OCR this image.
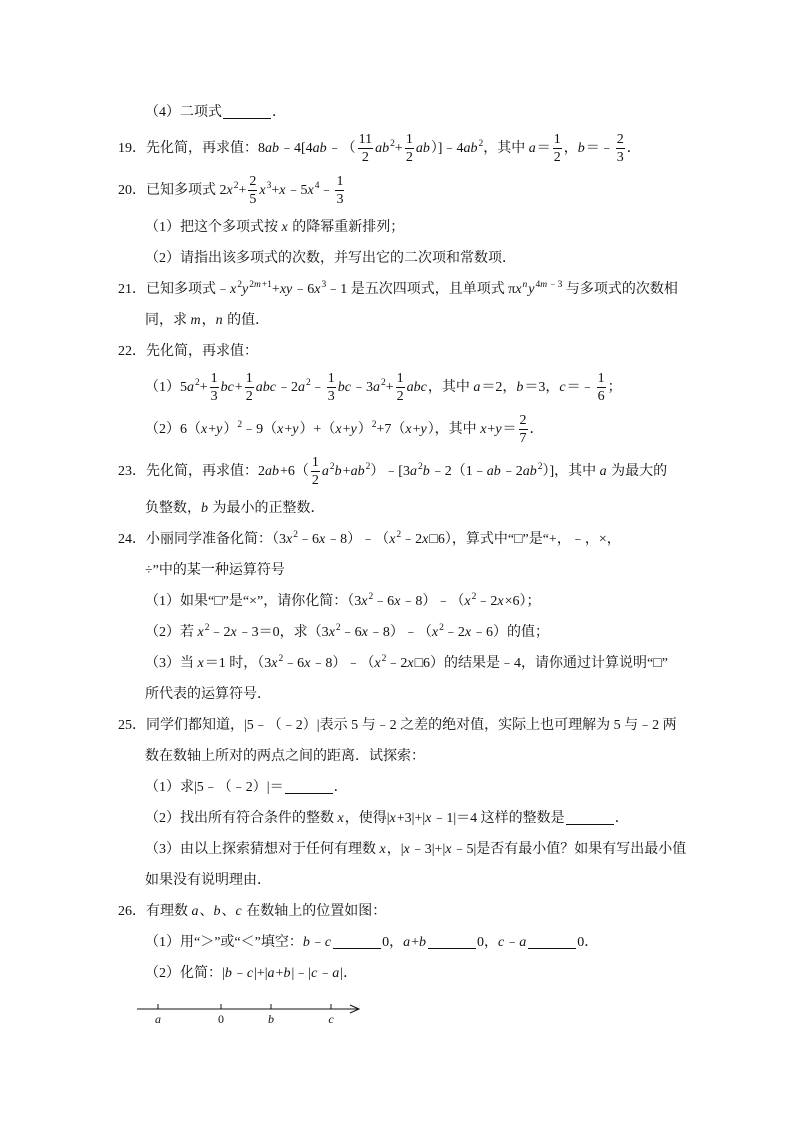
（4）二项式	．
19．先化简，再求值：8ab﹣4[4ab﹣（ $\frac{11}{2} ab^2+ \frac{1}{2}$ $ab)]﹣4ab^2$，其中 $a= \frac{1}{2}$ ，b＝﹣ $\frac{2}{3}$ ．
20．已知多项式 $2x^2+ \frac{2}{5}$ $x^3+x﹣5x^4﹣ \frac{1}{3}$
（1）把这个多项式按 x 的降幂重新排列；
（2）请指出该多项式的次数，并写出它的二次项和常数项．
21．已知多项式$﹣x^2y^{2m+1}+xy﹣6x^3﹣1$ 是五次四项式，且单项式 $\pi x^ny^{4m﹣3}$ 与多项式的次数相
同，求 m，n 的值．
22．先化简，再求值：
$(1)5a^2+ \frac{1}{3} bc+ \frac{1}{2}$ $abc﹣2a^2﹣ \frac{1}{3}$ $bc﹣3a^2+ \frac{1}{2}$ abc，其中 a＝2，b＝3，c＝﹣ $\frac{1}{6}$ ；
$(2)6(x+y)^2﹣9(x+y)+(x+y)^2+7(x+y)$，其中 $x+y= \frac{2}{7}$ ．
23．先化简，再求值：$2ab+6( \frac{1}{2}$ $a^2b+ab^2)﹣[3a^2b﹣2(1﹣ab﹣2ab^2)]$，其中 a 为最大的
负整数，b 为最小的正整数．
24．小丽同学准备化简：$(3x^2﹣6x﹣8)﹣(x^2﹣2x□6)$，算式中“□”是“+，﹣，×，
÷”中的某一种运算符号
（1）如果“□”是“×”，请你化简：$(3x^2﹣6x﹣8)﹣(x^2﹣2x\times 6)$；
（2）若 $x^2﹣2x﹣3=0$，求$(3x^2﹣6x﹣8)﹣(x^2﹣2x﹣6)$的值；
（3）当 x＝1 时，$(3x^2﹣6x﹣8)﹣(x^2﹣2x□6)$的结果是﹣4，请你通过计算说明“□”
所代表的运算符号．
25．同学们都知道，|5﹣（﹣2）|表示 5 与﹣2 之差的绝对值，实际上也可理解为 5 与﹣2 两
数在数轴上所对的两点之间的距离．试探索：
（1）求|5﹣（﹣2）|＝	．
（2）找出所有符合条件的整数 x，使得|x+3|+|x﹣1|＝4 这样的整数是	．
（3）由以上探索猜想对于任何有理数 x，|x﹣3|+|x﹣5|是否有最小值？如果有写出最小值
如果没有说明理由．
26．有理数 a、b、c 在数轴上的位置如图：
（1）用“＞”或“＜”填空：b﹣c	0，a+b	0，c﹣a	0．
（2）化简：|b﹣c|+|a+b|﹣|c﹣a|．
a	0	b	c
